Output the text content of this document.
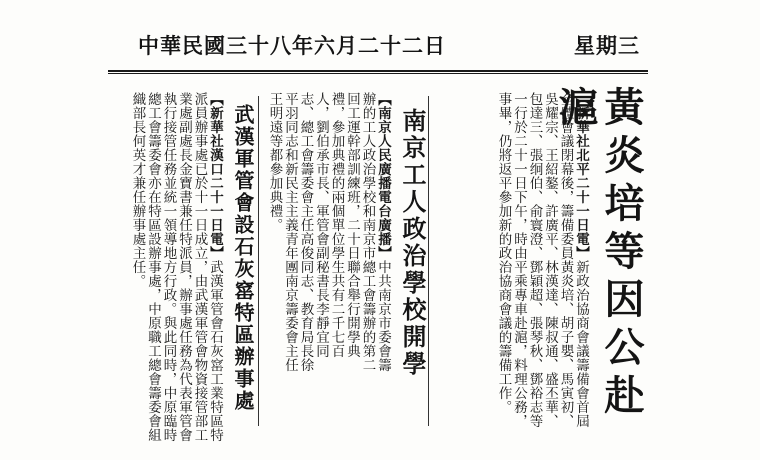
中華民國三十八年六月二十二日	星期三
黃炎培等因公赴滬
【新華社北平二十一日電】新政治協商會議籌備會首屆全體會議閉幕後，籌備委員黃炎培、胡子嬰、馬寅初、吳耀宗、王紹鏊、許廣平、林漢達、陳叔通、盛丕華、包達三、張䌹伯、俞寰澄、鄧穎超、張琴秋、鄧裕志等一行於二十一日下午，時由平乘專車赴滬，料理公務，事畢，仍將返平參加新的政治協商會議的籌備工作。
南京工人政治學校開學
【南京人民廣播電台廣播】中共南京市委會籌辦的工人政治學校和南京市總工會籌辦的第二回工運幹部訓練班，二十日聯合舉行開學典禮，參加典禮的兩個單位學生共有二千七百人，劉伯承市長、軍管會副秘書長李靜宜同志、總工會籌委會主任高俊同志、教育局長徐平羽同志和新民主主義青年團南京籌委會主任王明遠等都參加典禮。
武漢軍管會設石灰窰特區辦事處
【新華社漢口二十一日電】武漢軍管會石灰窰工業特區特派員辦事處已於十一日成立，由武漢軍管會物資接管部工業處副處長金寶書兼任特派員，辦事處任務為代表軍管會執行接管任務並統一領導地方行政。與此同時，中原臨時總工會籌委會亦在特區設辦事處，中原職工總會籌委會組織部長何英才兼任辦事處主任。
